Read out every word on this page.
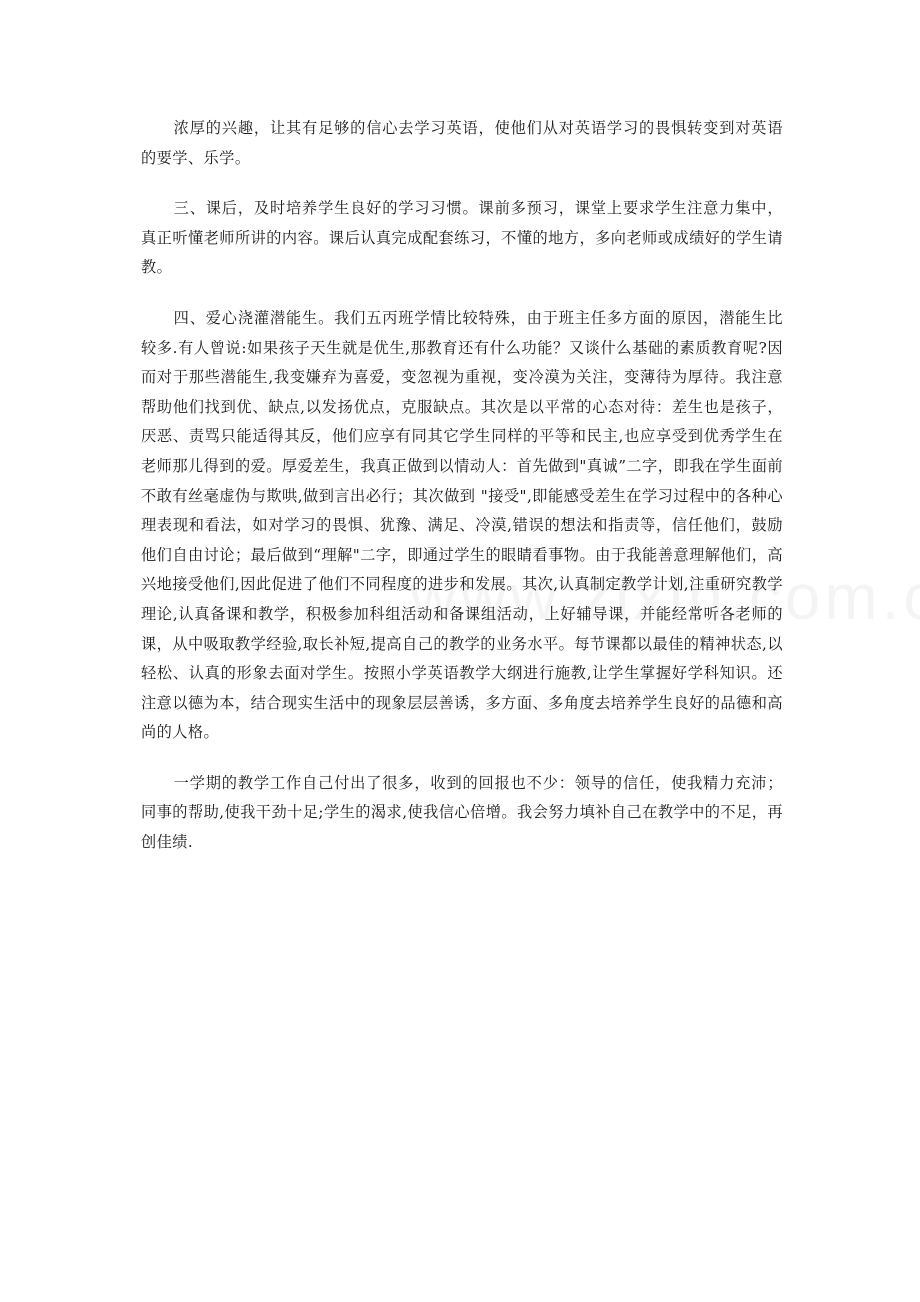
浓厚的兴趣，让其有足够的信心去学习英语，使他们从对英语学习的畏惧转变到对英语的要学、乐学。

三、课后，及时培养学生良好的学习习惯。课前多预习，课堂上要求学生注意力集中，真正听懂老师所讲的内容。课后认真完成配套练习，不懂的地方，多向老师或成绩好的学生请教。

四、爱心浇灌潜能生。我们五丙班学情比较特殊，由于班主任多方面的原因，潜能生比较多.有人曾说:如果孩子天生就是优生,那教育还有什么功能？又谈什么基础的素质教育呢?因而对于那些潜能生,我变嫌弃为喜爱，变忽视为重视，变冷漠为关注，变薄待为厚待。我注意帮助他们找到优、缺点,以发扬优点，克服缺点。其次是以平常的心态对待：差生也是孩子，厌恶、责骂只能适得其反，他们应享有同其它学生同样的平等和民主,也应享受到优秀学生在老师那儿得到的爱。厚爱差生，我真正做到以情动人：首先做到"真诚”二字，即我在学生面前不敢有丝毫虚伪与欺哄,做到言出必行；其次做到 "接受",即能感受差生在学习过程中的各种心理表现和看法，如对学习的畏惧、犹豫、满足、冷漠,错误的想法和指责等，信任他们，鼓励他们自由讨论；最后做到“理解"二字，即通过学生的眼睛看事物。由于我能善意理解他们，高兴地接受他们,因此促进了他们不同程度的进步和发展。其次,认真制定教学计划,注重研究教学理论,认真备课和教学，积极参加科组活动和备课组活动，上好辅导课，并能经常听各老师的课，从中吸取教学经验,取长补短,提高自己的教学的业务水平。每节课都以最佳的精神状态,以轻松、认真的形象去面对学生。按照小学英语教学大纲进行施教,让学生掌握好学科知识。还注意以德为本，结合现实生活中的现象层层善诱，多方面、多角度去培养学生良好的品德和高尚的人格。

一学期的教学工作自己付出了很多，收到的回报也不少：领导的信任，使我精力充沛；同事的帮助,使我干劲十足;学生的渴求,使我信心倍增。我会努力填补自己在教学中的不足，再创佳绩.
